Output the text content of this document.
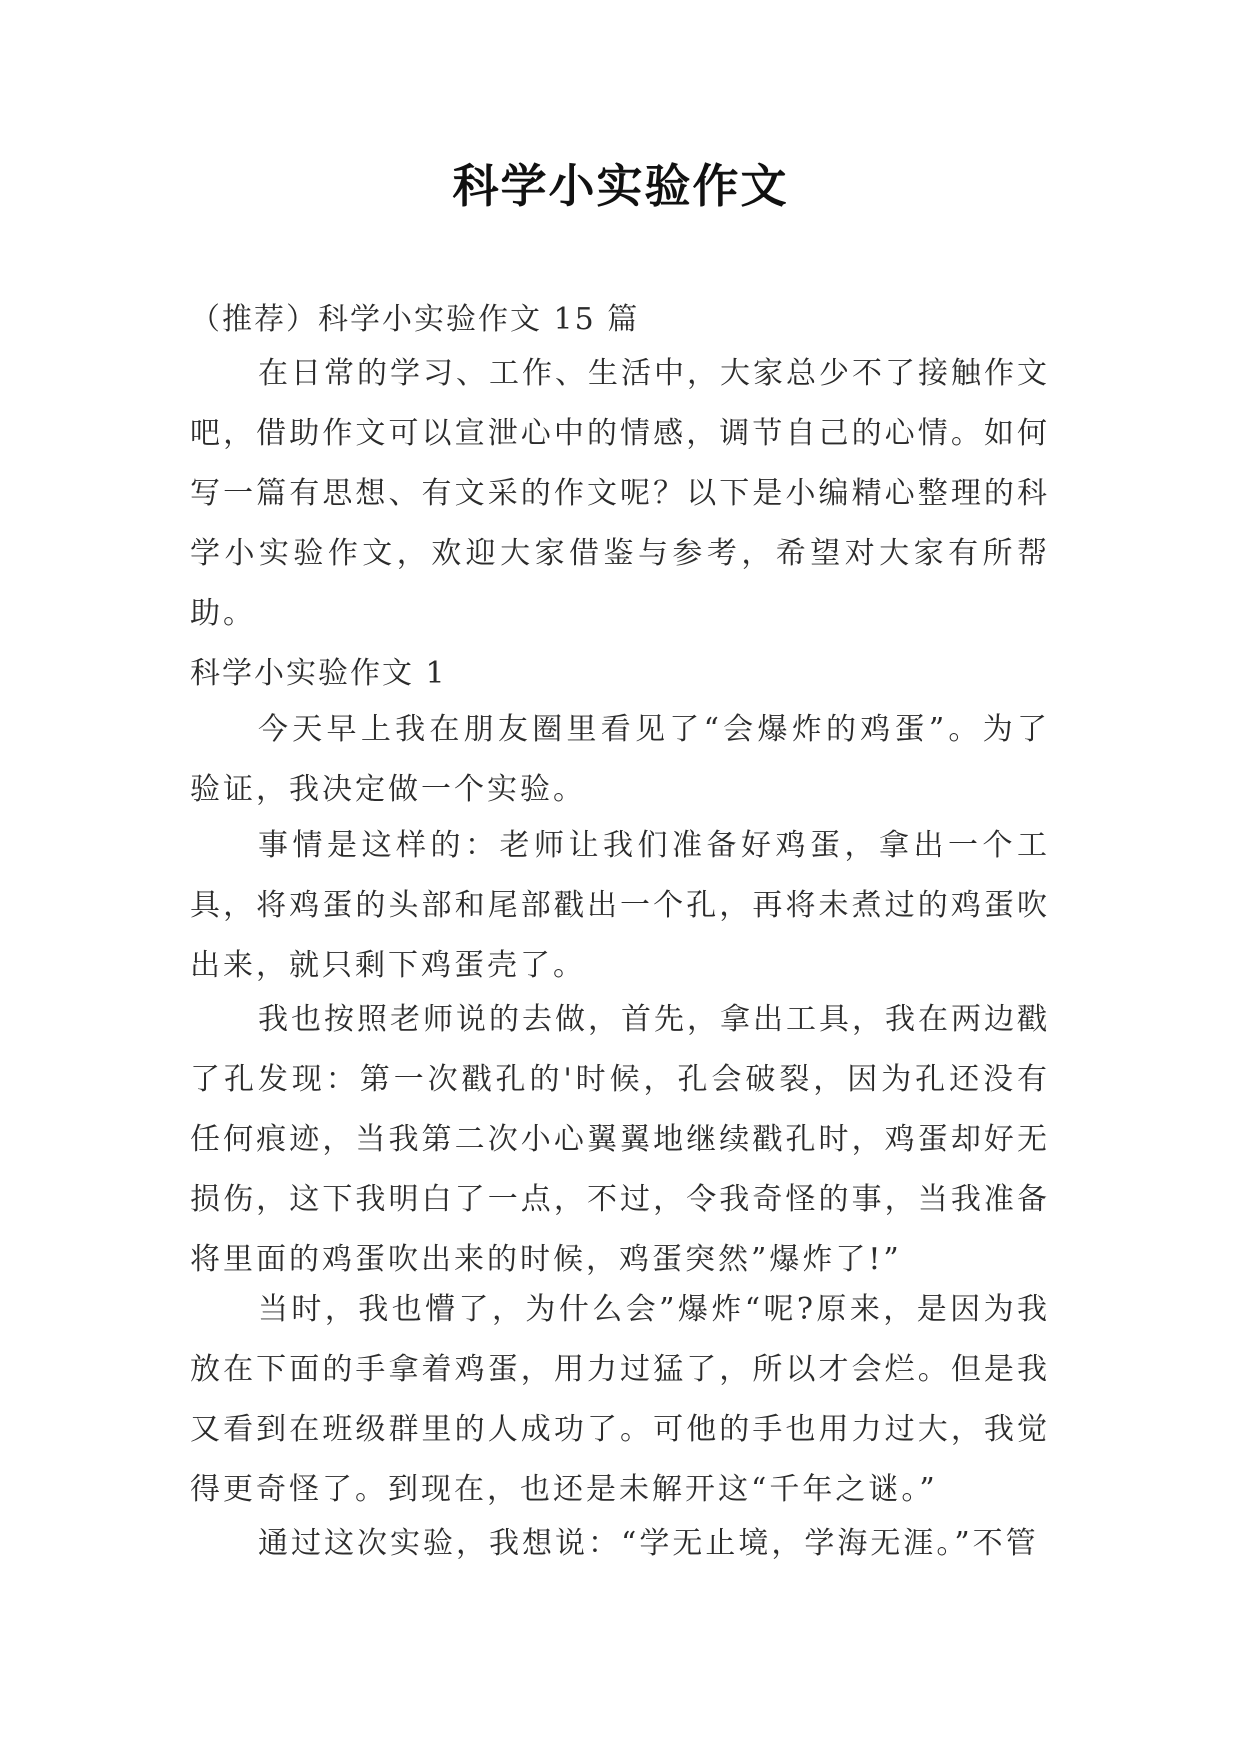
科学小实验作文

（推荐）科学小实验作文 15 篇

在日常的学习、工作、生活中，大家总少不了接触作文吧，借助作文可以宣泄心中的情感，调节自己的心情。如何写一篇有思想、有文采的作文呢？以下是小编精心整理的科学小实验作文，欢迎大家借鉴与参考，希望对大家有所帮助。

科学小实验作文 1

今天早上我在朋友圈里看见了“会爆炸的鸡蛋”。为了验证，我决定做一个实验。

事情是这样的：老师让我们准备好鸡蛋，拿出一个工具，将鸡蛋的头部和尾部戳出一个孔，再将未煮过的鸡蛋吹出来，就只剩下鸡蛋壳了。

我也按照老师说的去做，首先，拿出工具，我在两边戳了孔发现：第一次戳孔的'时候，孔会破裂，因为孔还没有任何痕迹，当我第二次小心翼翼地继续戳孔时，鸡蛋却好无损伤，这下我明白了一点，不过，令我奇怪的事，当我准备将里面的鸡蛋吹出来的时候，鸡蛋突然”爆炸了!”

当时，我也懵了，为什么会”爆炸“呢?原来，是因为我放在下面的手拿着鸡蛋，用力过猛了，所以才会烂。但是我又看到在班级群里的人成功了。可他的手也用力过大，我觉得更奇怪了。到现在，也还是未解开这“千年之谜。”

通过这次实验，我想说：“学无止境，学海无涯。”不管
